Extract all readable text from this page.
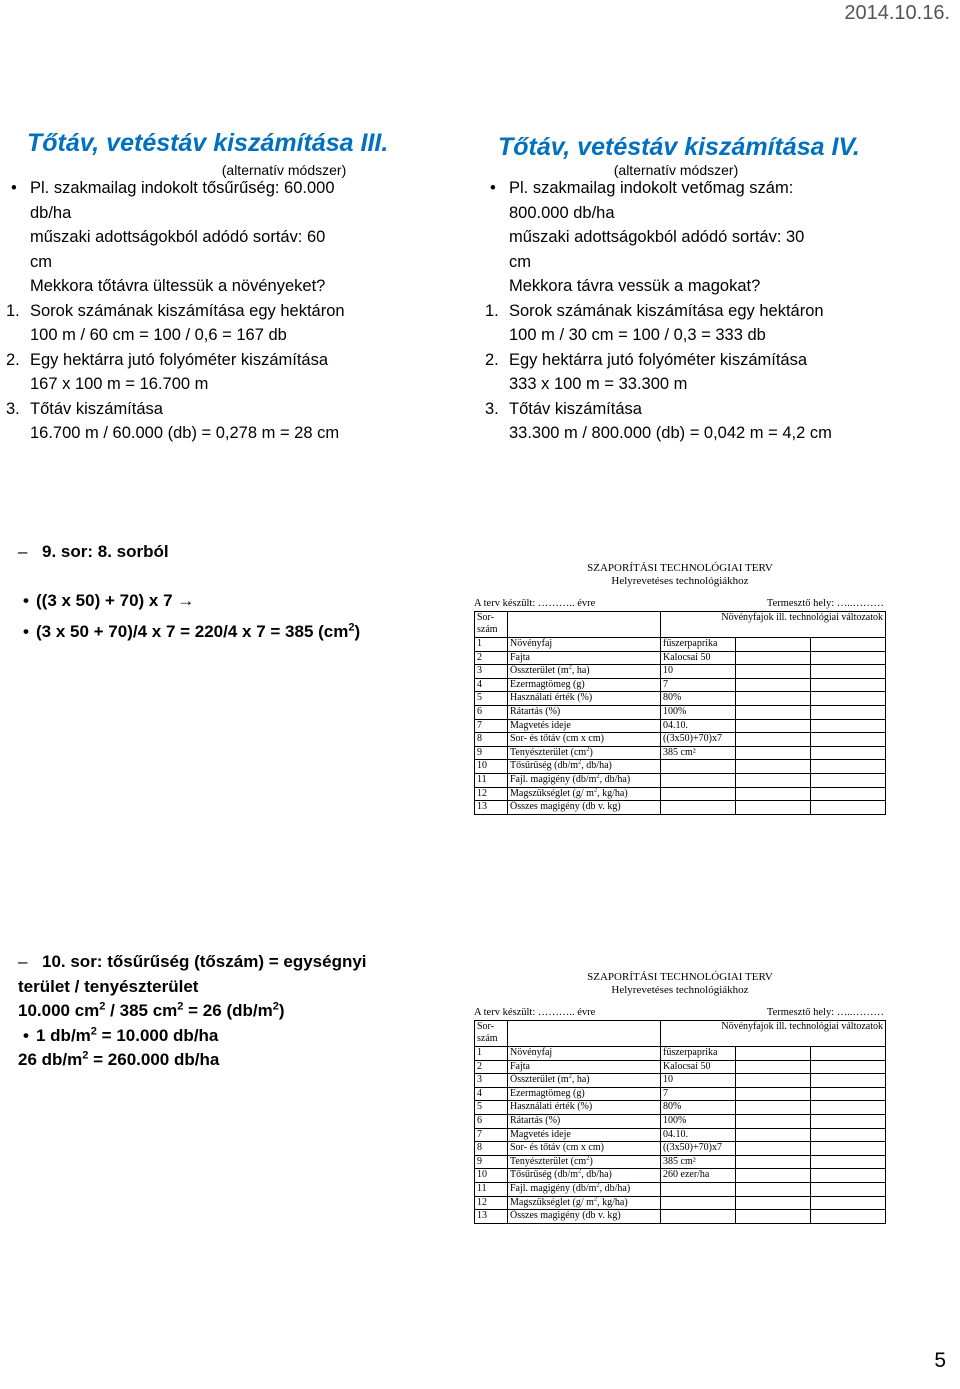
2014.10.16.
Tőtáv, vetéstáv kiszámítása III.
(alternatív módszer)
• Pl. szakmailag indokolt tősűrűség: 60.000
db/ha
műszaki adottságokból adódó sortáv: 60
cm
Mekkora tőtávra ültessük a növényeket?
1. Sorok számának kiszámítása egy hektáron
100 m / 60 cm = 100 / 0,6 = 167 db
2. Egy hektárra jutó folyóméter kiszámítása
167 x 100 m = 16.700 m
3. Tőtáv kiszámítása
16.700 m / 60.000 (db) = 0,278 m = 28 cm
Tőtáv, vetéstáv kiszámítása IV.
(alternatív módszer)
• Pl. szakmailag indokolt vetőmag szám:
800.000 db/ha
műszaki adottságokból adódó sortáv: 30
cm
Mekkora távra vessük a magokat?
1. Sorok számának kiszámítása egy hektáron
100 m / 30 cm = 100 / 0,3 = 333 db
2. Egy hektárra jutó folyóméter kiszámítása
333 x 100 m = 33.300 m
3. Tőtáv kiszámítása
33.300 m / 800.000 (db) = 0,042 m = 4,2 cm
– 9. sor: 8. sorból
• ((3 x 50) + 70) x 7 →
• (3 x 50 + 70)/4 x 7 = 220/4 x 7 = 385 $(cm^2)$
– 10. sor: tősűrűség (tőszám) = egységnyi
terület / tenyészterület
10.000 $cm^2 / 385$ $cm^2 = 26$ $(db/m^2)$
• 1 $db/m^2 = 10.000$ db/ha
26 $db/m^2 = 260.000$ db/ha
SZAPORÍTÁSI TECHNOLÓGIAI TERV
Helyrevetéses technológiákhoz
A terv készült: ……….. évre	Termesztő hely: …..………
Sor-
szám		Növényfajok ill. technológiai változatok		
1	Növényfaj	fűszerpaprika		
2	Fajta	Kalocsai 50		
3	Összterület ($m^2$, ha)	10		
4	Ezermagtömeg (g)	7		
5	Használati érték (%)	80%		
6	Rátartás (%)	100%		
7	Magvetés ideje	04.10.		
8	Sor- és tőtáv (cm x cm)	((3x50)+70)x7		
9	Tenyészterület $(cm^2)$	385 cm²		
10	Tősűrűség ($db/m^2$, db/ha)			
11	Fajl. magigény ($db/m^2$, db/ha)			
12	Magszükséglet (g/ $m^2$, kg/ha)			
13	Összes magigény (db v. kg)			
SZAPORÍTÁSI TECHNOLÓGIAI TERV
Helyrevetéses technológiákhoz
A terv készült: ……….. évre	Termesztő hely: …..………
Sor-
szám		Növényfajok ill. technológiai változatok		
1	Növényfaj	fűszerpaprika		
2	Fajta	Kalocsai 50		
3	Összterület ($m^2$, ha)	10		
4	Ezermagtömeg (g)	7		
5	Használati érték (%)	80%		
6	Rátartás (%)	100%		
7	Magvetés ideje	04.10.		
8	Sor- és tőtáv (cm x cm)	((3x50)+70)x7		
9	Tenyészterület $(cm^2)$	385 cm²		
10	Tősűrűség ($db/m^2$, db/ha)	260 ezer/ha		
11	Fajl. magigény ($db/m^2$, db/ha)			
12	Magszükséglet (g/ $m^2$, kg/ha)			
13	Összes magigény (db v. kg)			
5
